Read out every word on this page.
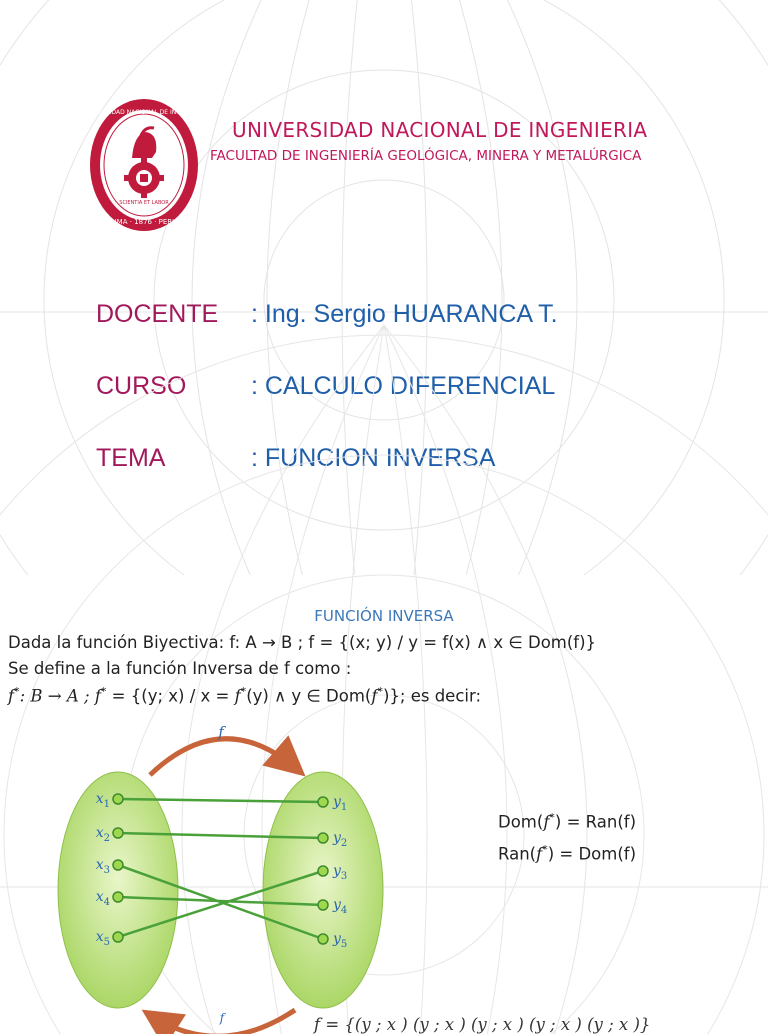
UNIVERSIDAD NACIONAL DE INGENIERIA
LIMA · 1876 · PERU
SCIENTIA ET LABOR
UNIVERSIDAD NACIONAL DE INGENIERIA
FACULTAD DE INGENIERÍA GEOLÓGICA, MINERA Y METALÚRGICA
DOCENTE : Ing. Sergio HUARANCA T.
CURSO	: CALCULO DIFERENCIAL
TEMA	: FUNCION INVERSA
FUNCIÓN INVERSA
Dada la función Biyectiva: f: A → B ; f = {(x; y) / y = f(x) ∧ x ∈ Dom(f)}
Se define a la función Inversa de f como :
f*: B → A ; f* = {(y; x) / x = f*(y) ∧ y ∈ Dom(f*)}; es decir:
f
f
$x_1$
$x_2$
$x_3$
$x_4$
$x_5$
$y_1$
$y_2$
$y_3$
$y_4$
$y_5$
Dom(f*) = Ran(f)
Ran(f*) = Dom(f)
f = {(y ; x ) (y ; x ) (y ; x ) (y ; x ) (y ; x )}
